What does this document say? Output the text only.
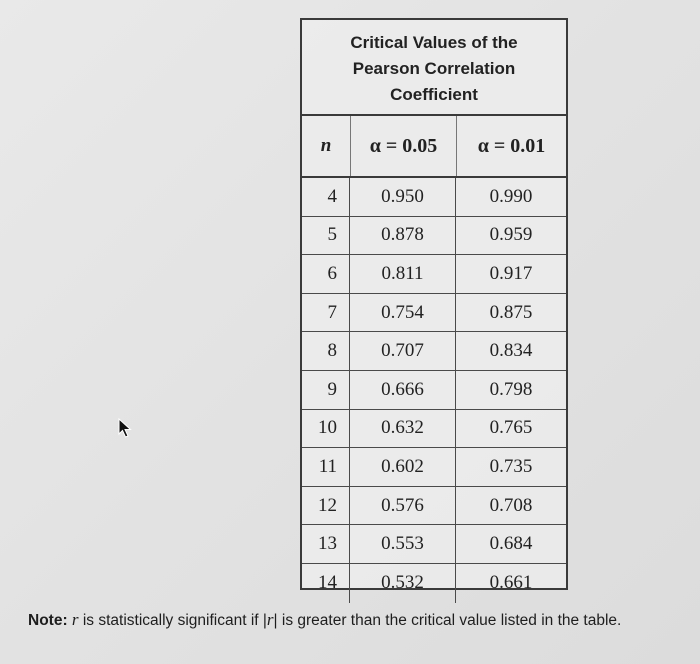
Critical Values of the
Pearson Correlation
Coefficient
n	α = 0.05	α = 0.01
4	0.950	0.990
5	0.878	0.959
6	0.811	0.917
7	0.754	0.875
8	0.707	0.834
9	0.666	0.798
10	0.632	0.765
11	0.602	0.735
12	0.576	0.708
13	0.553	0.684
14	0.532	0.661
Note: r is statistically significant if |r| is greater than the critical value listed in the table.
